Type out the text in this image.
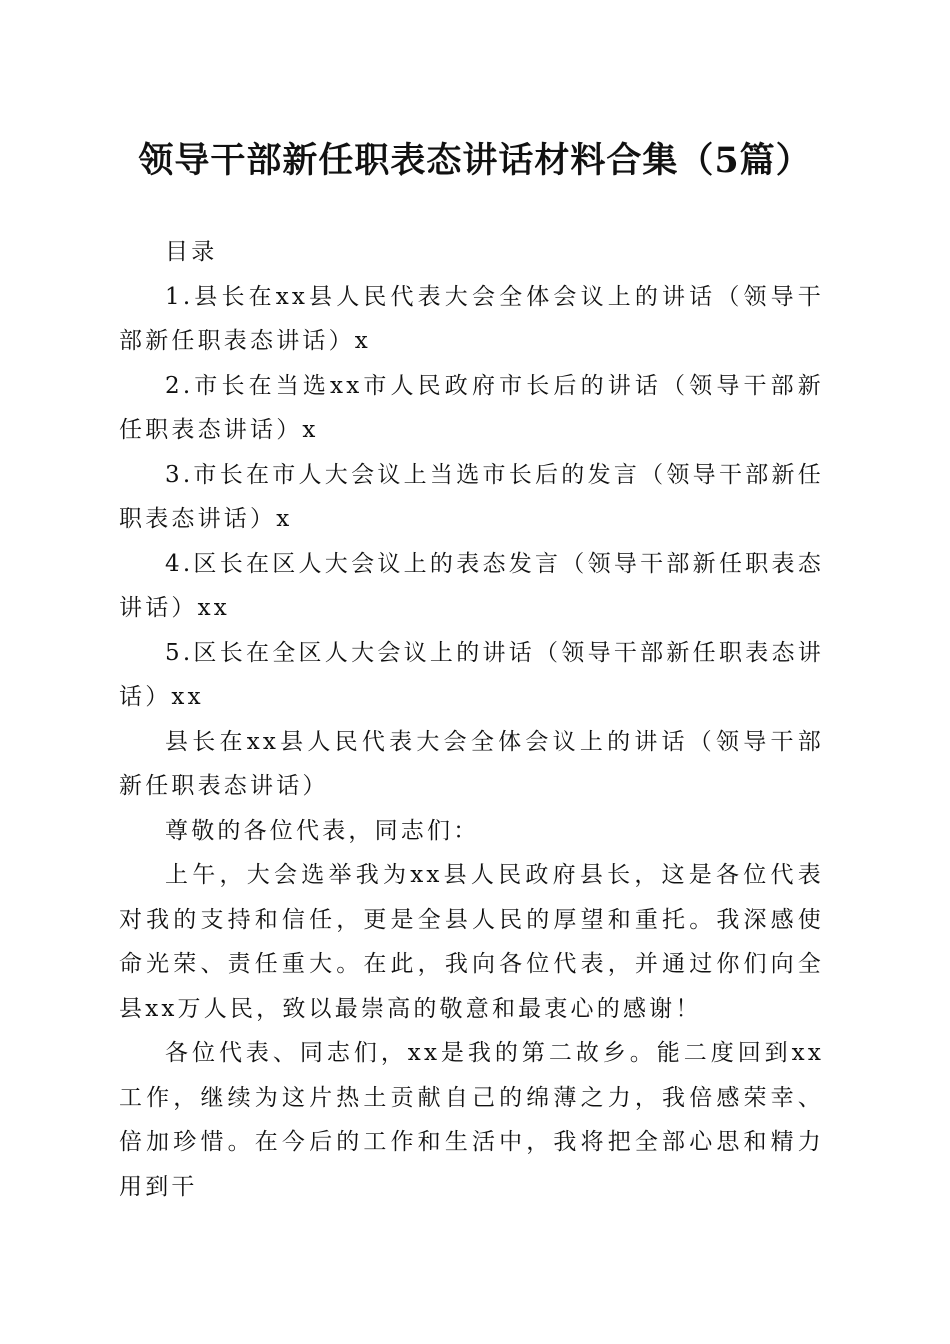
领导干部新任职表态讲话材料合集（5篇）

目录

1.县长在xx县人民代表大会全体会议上的讲话（领导干部新任职表态讲话）x

2.市长在当选xx市人民政府市长后的讲话（领导干部新任职表态讲话）x

3.市长在市人大会议上当选市长后的发言（领导干部新任职表态讲话）x

4.区长在区人大会议上的表态发言（领导干部新任职表态讲话）xx

5.区长在全区人大会议上的讲话（领导干部新任职表态讲话）xx

县长在xx县人民代表大会全体会议上的讲话（领导干部新任职表态讲话）

尊敬的各位代表，同志们：

上午，大会选举我为xx县人民政府县长，这是各位代表对我的支持和信任，更是全县人民的厚望和重托。我深感使命光荣、责任重大。在此，我向各位代表，并通过你们向全县xx万人民，致以最崇高的敬意和最衷心的感谢！

各位代表、同志们，xx是我的第二故乡。能二度回到xx工作，继续为这片热土贡献自己的绵薄之力，我倍感荣幸、倍加珍惜。在今后的工作和生活中，我将把全部心思和精力用到干
